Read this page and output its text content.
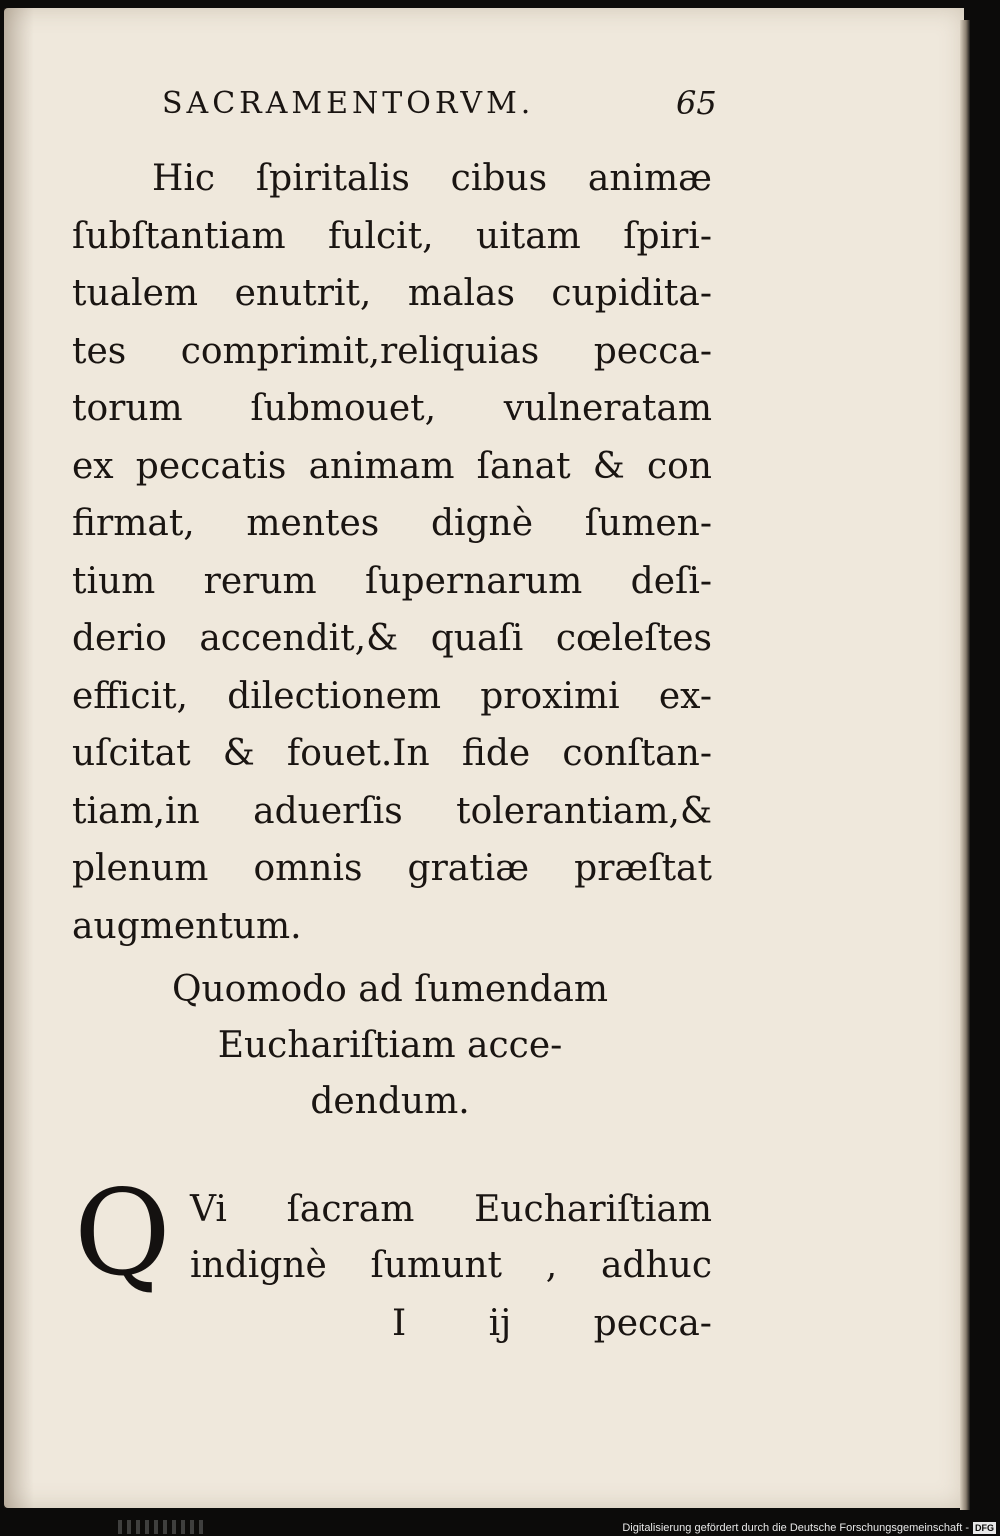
SACRAMENTORVM.	65
Hic ſpiritalis cibus animæ
ſubſtantiam fulcit, uitam ſpiri-
tualem enutrit, malas cupidita-
tes comprimit,reliquias pecca-
torum ſubmouet, vulneratam
ex peccatis animam ſanat & con
firmat, mentes dignè ſumen-
tium rerum ſupernarum deſi-
derio accendit,& quaſi cœleſtes
efficit, dilectionem proximi ex-
uſcitat & fouet.In fide conſtan-
tiam,in aduerſis tolerantiam,&
plenum omnis gratiæ præſtat
augmentum.
Quomodo ad ſumendam
Euchariſtiam acce-
dendum.
Q Vi ſacram Euchariſtiam
indignè ſumunt , adhuc
I ij pecca-
Digitalisierung gefördert durch die Deutsche Forschungsgemeinschaft - DFG
